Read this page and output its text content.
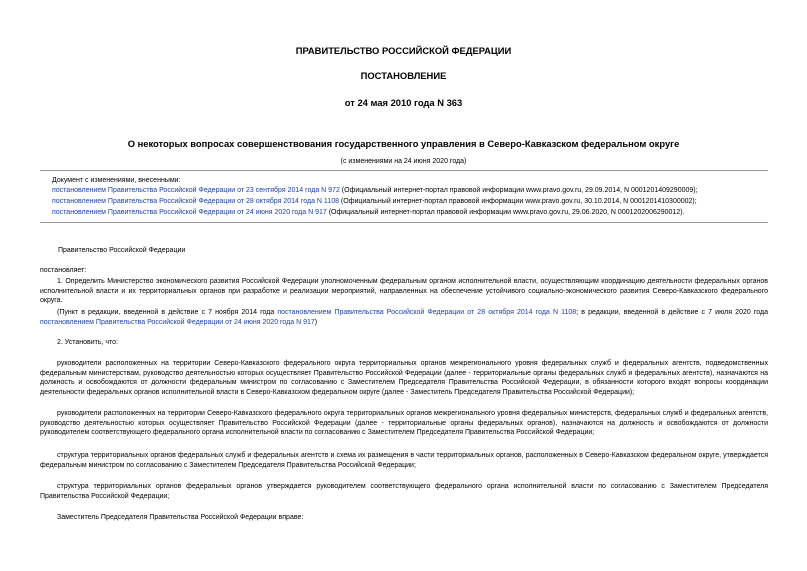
ПРАВИТЕЛЬСТВО РОССИЙСКОЙ ФЕДЕРАЦИИ
ПОСТАНОВЛЕНИЕ
от 24 мая 2010 года N 363
О некоторых вопросах совершенствования государственного управления в Северо-Кавказском федеральном округе
(с изменениями на 24 июня 2020 года)
Документ с изменениями, внесенными:
постановлением Правительства Российской Федерации от 23 сентября 2014 года N 972 (Официальный интернет-портал правовой информации www.pravo.gov.ru, 29.09.2014, N 0001201409290009);
постановлением Правительства Российской Федерации от 28 октября 2014 года N 1108 (Официальный интернет-портал правовой информации www.pravo.gov.ru, 30.10.2014, N 0001201410300002);
постановлением Правительства Российской Федерации от 24 июня 2020 года N 917 (Официальный интернет-портал правовой информации www.pravo.gov.ru, 29.06.2020, N 0001202006290012).
Правительство Российской Федерации
постановляет:
1. Определить Министерство экономического развития Российской Федерации уполномоченным федеральным органом исполнительной власти, осуществляющим координацию деятельности федеральных органов исполнительной власти и их территориальных органов при разработке и реализации мероприятий, направленных на обеспечение устойчивого социально-экономического развития Северо-Кавказского федерального округа.
(Пункт в редакции, введенной в действие с 7 ноября 2014 года постановлением Правительства Российской Федерации от 28 октября 2014 года N 1108; в редакции, введенной в действие с 7 июля 2020 года постановлением Правительства Российской Федерации от 24 июня 2020 года N 917)
2. Установить, что:
руководители расположенных на территории Северо-Кавказского федерального округа территориальных органов межрегионального уровня федеральных служб и федеральных агентств, подведомственных федеральным министерствам, руководство деятельностью которых осуществляет Правительство Российской Федерации (далее - территориальные органы федеральных служб и федеральных агентств), назначаются на должность и освобождаются от должности федеральным министром по согласованию с Заместителем Председателя Правительства Российской Федерации, в обязанности которого входят вопросы координации деятельности федеральных органов исполнительной власти в Северо-Кавказском федеральном округе (далее - Заместитель Председателя Правительства Российской Федерации);
руководители расположенных на территории Северо-Кавказского федерального округа территориальных органов межрегионального уровня федеральных министерств, федеральных служб и федеральных агентств, руководство деятельностью которых осуществляет Правительство Российской Федерации (далее - территориальные органы федеральных органов), назначаются на должность и освобождаются от должности руководителем соответствующего федерального органа исполнительной власти по согласованию с Заместителем Председателя Правительства Российской Федерации;
структура территориальных органов федеральных служб и федеральных агентств и схема их размещения в части территориальных органов, расположенных в Северо-Кавказском федеральном округе, утверждается федеральным министром по согласованию с Заместителем Председателя Правительства Российской Федерации;
структура территориальных органов федеральных органов утверждается руководителем соответствующего федерального органа исполнительной власти по согласованию с Заместителем Председателя Правительства Российской Федерации;
Заместитель Председателя Правительства Российской Федерации вправе:
